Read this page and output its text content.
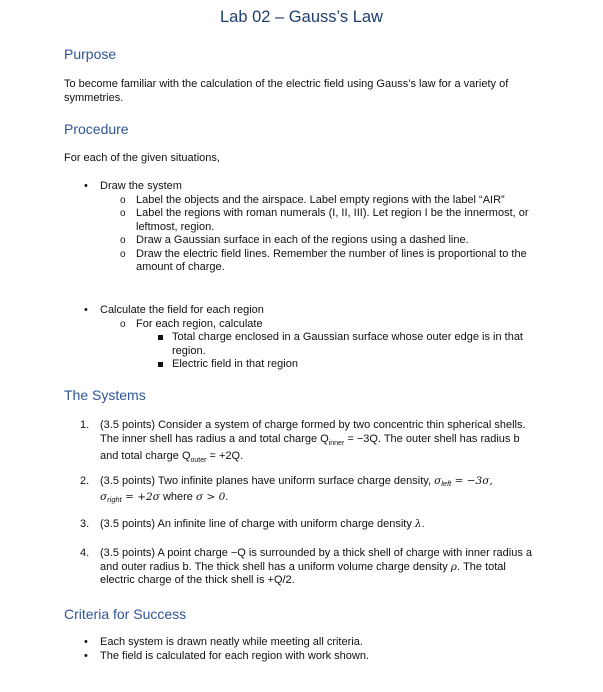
Lab 02 – Gauss’s Law
Purpose

To become familiar with the calculation of the electric field using Gauss’s law for a variety of symmetries.

Procedure

For each of the given situations,

•	Draw the system
o Label the objects and the airspace. Label empty regions with the label “AIR”
o Label the regions with roman numerals (I, II, III). Let region I be the innermost, or leftmost, region.
o Draw a Gaussian surface in each of the regions using a dashed line.
o Draw the electric field lines. Remember the number of lines is proportional to the amount of charge.
•	Calculate the field for each region
o For each region, calculate
Total charge enclosed in a Gaussian surface whose outer edge is in that region.
Electric field in that region
The Systems
1. (3.5 points) Consider a system of charge formed by two concentric thin spherical shells. The inner shell has radius a and total charge $Q_{inner} = -3Q$. The outer shell has radius b and total charge $Q_{outer} = +2Q$.
2. (3.5 points) Two infinite planes have uniform surface charge density, $\sigma_{left} = -3\sigma$,
$\sigma_{right} = +2\sigma$ where σ > 0.
3. (3.5 points) An infinite line of charge with uniform charge density λ.
4. (3.5 points) A point charge −Q is surrounded by a thick shell of charge with inner radius a and outer radius b. The thick shell has a uniform volume charge density ρ. The total electric charge of the thick shell is +Q/2.
Criteria for Success
•	Each system is drawn neatly while meeting all criteria.
•	The field is calculated for each region with work shown.
